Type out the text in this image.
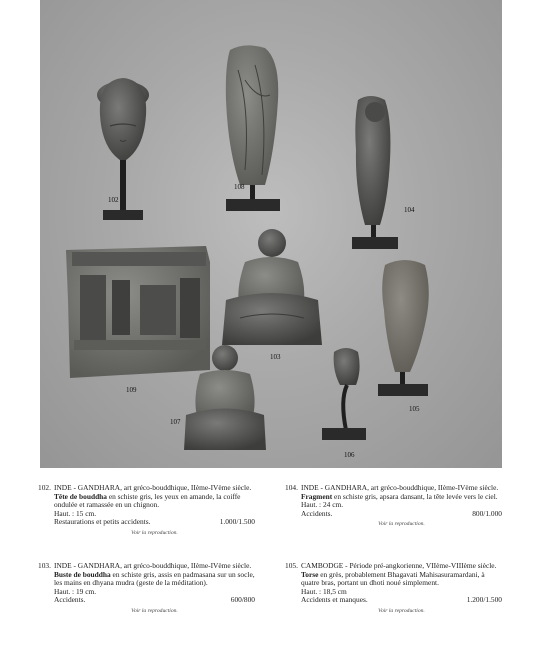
102
108
104
103
109
105
107
106
102. INDE - GANDHARA, art gréco-bouddhique, IIème-IVème siècle.

Tête de bouddha en schiste gris, les yeux en amande, la coiffe ondulée et ramassée en un chignon.

Haut. : 15 cm.

Restaurations et petits accidents.	1.000/1.500
Voir la reproduction.
103. INDE - GANDHARA, art gréco-bouddhique, IIème-IVème siècle.

Buste de bouddha en schiste gris, assis en padmasana sur un socle, les mains en dhyana mudra (geste de la méditation).

Haut. : 19 cm.

Accidents.	600/800
Voir la reproduction.
104. INDE - GANDHARA, art gréco-bouddhique, IIème-IVème siècle.

Fragment en schiste gris, apsara dansant, la tête levée vers le ciel.

Haut. : 24 cm.

Accidents.	800/1.000
Voir la reproduction.
105. CAMBODGE - Période pré-angkorienne, VIIème-VIIIème siècle.

Torse en grès, probablement Bhagavati Mahisasuramardani, à quatre bras, portant un dhoti noué simplement.

Haut. : 18,5 cm

Accidents et manques.	1.200/1.500
Voir la reproduction.
